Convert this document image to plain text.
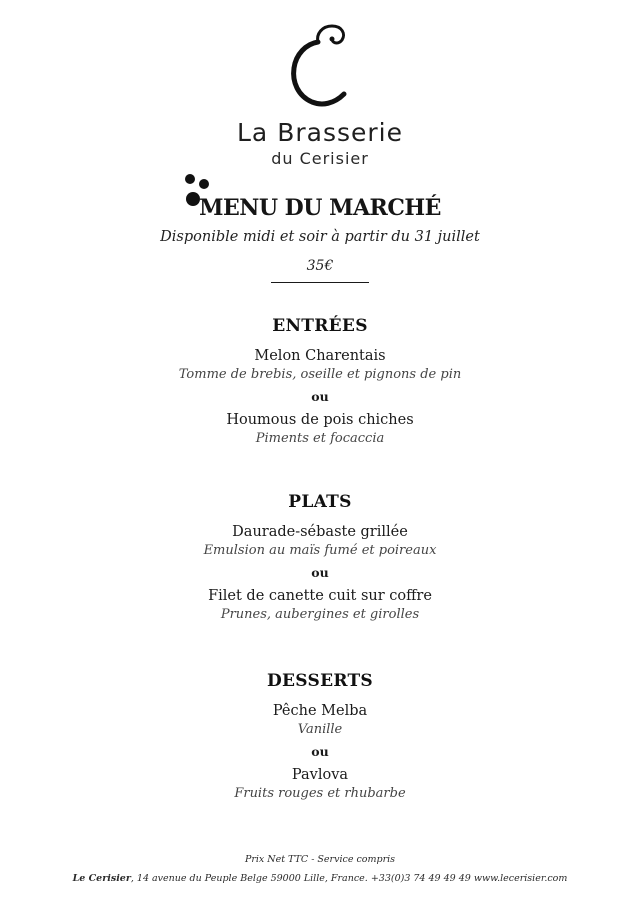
La Brasserie
du Cerisier
MENU DU MARCHÉ
Disponible midi et soir à partir du 31 juillet
35€
ENTRÉES
Melon Charentais
Tomme de brebis, oseille et pignons de pin
ou
Houmous de pois chiches
Piments et focaccia
PLATS
Daurade-sébaste grillée
Emulsion au maïs fumé et poireaux
ou
Filet de canette cuit sur coffre
Prunes, aubergines et girolles
DESSERTS
Pêche Melba
Vanille
ou
Pavlova
Fruits rouges et rhubarbe
Prix Net TTC - Service compris
Le Cerisier, 14 avenue du Peuple Belge 59000 Lille, France. +33(0)3 74 49 49 49 www.lecerisier.com
